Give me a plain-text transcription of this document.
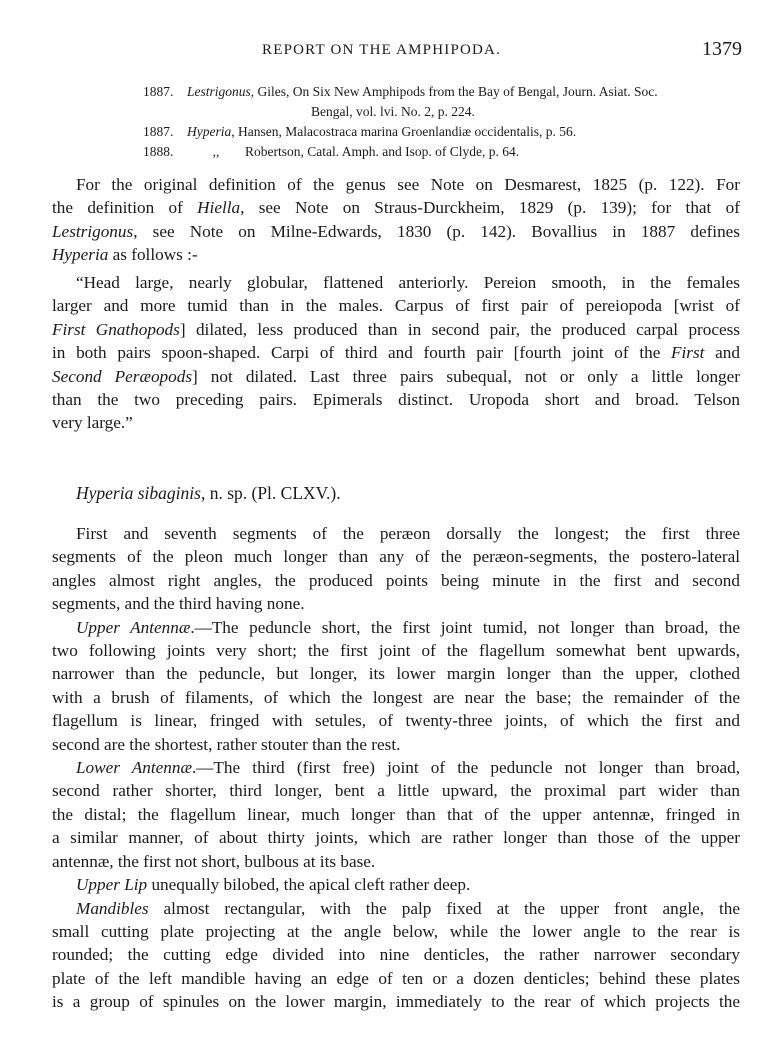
REPORT ON THE AMPHIPODA.	1379
1887. Lestrigonus, Giles, On Six New Amphipods from the Bay of Bengal, Journ. Asiat. Soc.
Bengal, vol. lvi. No. 2, p. 224.
1887. Hyperia, Hansen, Malacostraca marina Groenlandiæ occidentalis, p. 56.
1888.	,, Robertson, Catal. Amph. and Isop. of Clyde, p. 64.
For the original definition of the genus see Note on Desmarest, 1825 (p. 122). For
the definition of Hiella, see Note on Straus-Durckheim, 1829 (p. 139); for that of
Lestrigonus, see Note on Milne-Edwards, 1830 (p. 142). Bovallius in 1887 defines
Hyperia as follows :-
“Head large, nearly globular, flattened anteriorly. Pereion smooth, in the females
larger and more tumid than in the males. Carpus of first pair of pereiopoda [wrist of
First Gnathopods] dilated, less produced than in second pair, the produced carpal process
in both pairs spoon-shaped. Carpi of third and fourth pair [fourth joint of the First and
Second Peræopods] not dilated. Last three pairs subequal, not or only a little longer
than the two preceding pairs. Epimerals distinct. Uropoda short and broad. Telson
very large.”
Hyperia sibaginis, n. sp. (Pl. CLXV.).
First and seventh segments of the peræon dorsally the longest; the first three
segments of the pleon much longer than any of the peræon-segments, the postero-lateral
angles almost right angles, the produced points being minute in the first and second
segments, and the third having none.
Upper Antennæ.—The peduncle short, the first joint tumid, not longer than broad, the
two following joints very short; the first joint of the flagellum somewhat bent upwards,
narrower than the peduncle, but longer, its lower margin longer than the upper, clothed
with a brush of filaments, of which the longest are near the base; the remainder of the
flagellum is linear, fringed with setules, of twenty-three joints, of which the first and
second are the shortest, rather stouter than the rest.
Lower Antennæ.—The third (first free) joint of the peduncle not longer than broad,
second rather shorter, third longer, bent a little upward, the proximal part wider than
the distal; the flagellum linear, much longer than that of the upper antennæ, fringed in
a similar manner, of about thirty joints, which are rather longer than those of the upper
antennæ, the first not short, bulbous at its base.
Upper Lip unequally bilobed, the apical cleft rather deep.
Mandibles almost rectangular, with the palp fixed at the upper front angle, the
small cutting plate projecting at the angle below, while the lower angle to the rear is
rounded; the cutting edge divided into nine denticles, the rather narrower secondary
plate of the left mandible having an edge of ten or a dozen denticles; behind these plates
is a group of spinules on the lower margin, immediately to the rear of which projects the
